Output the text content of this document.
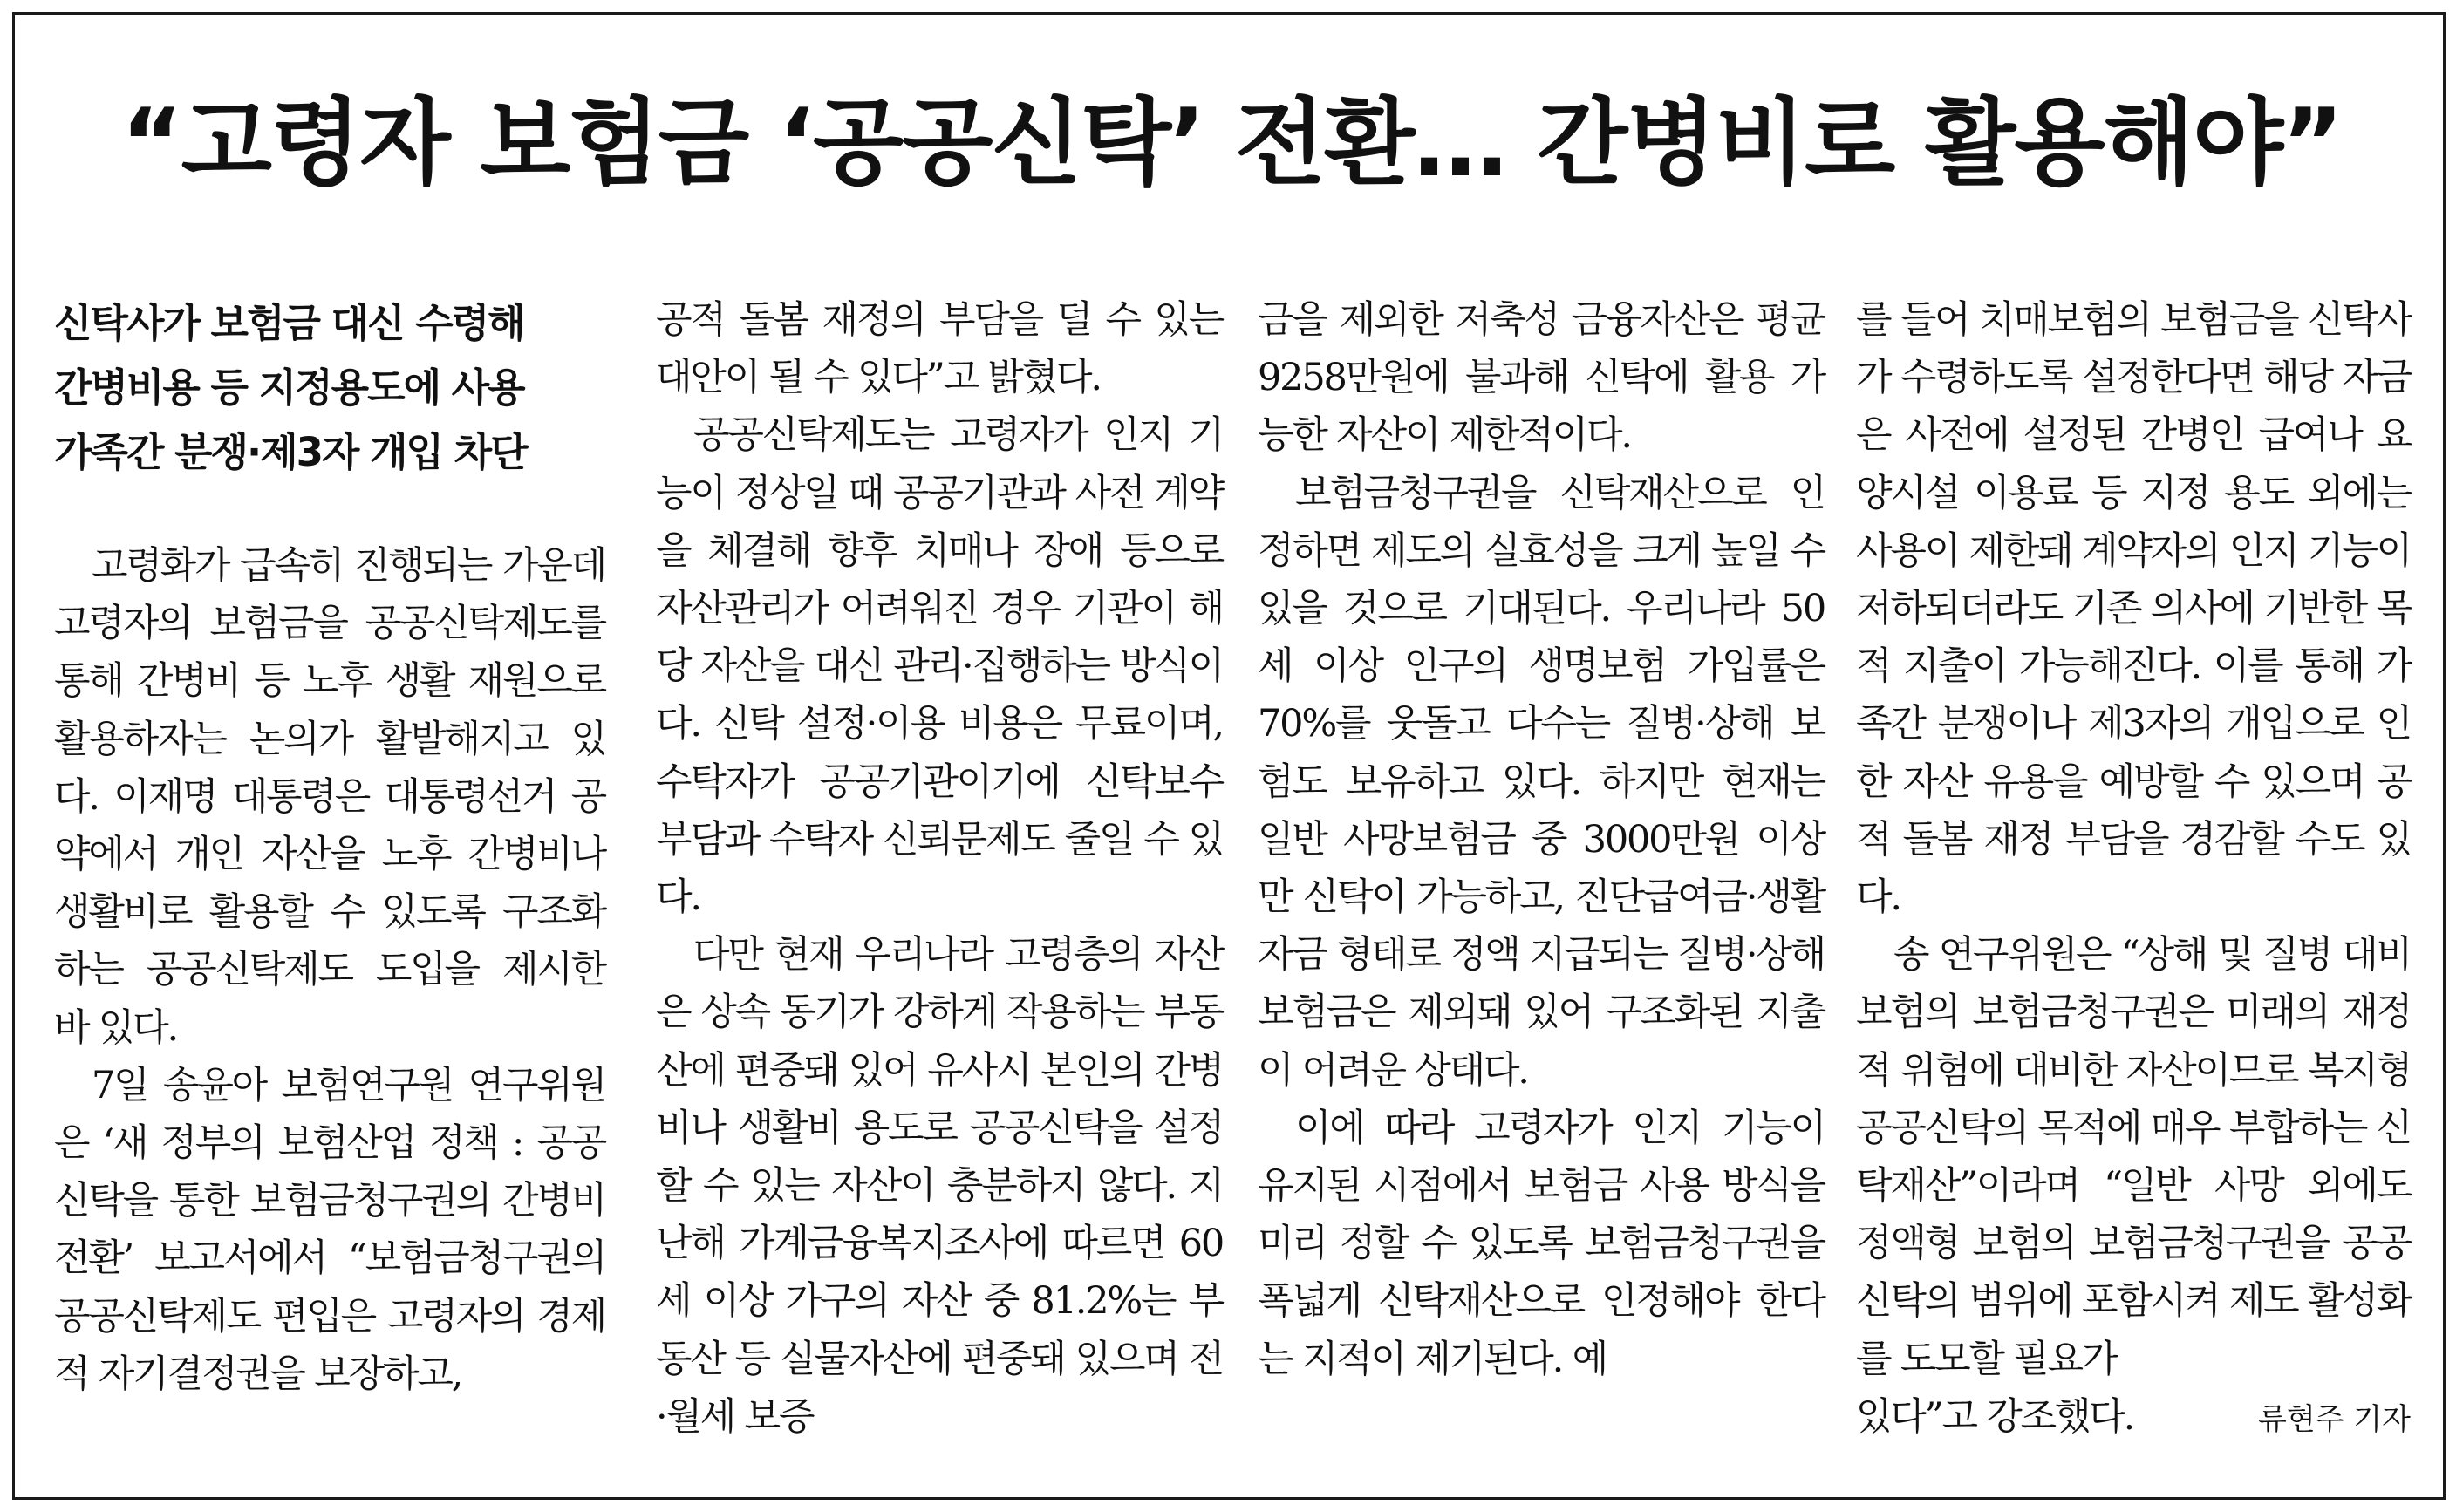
“고령자 보험금 ‘공공신탁’ 전환… 간병비로 활용해야”
신탁사가 보험금 대신 수령해
간병비용 등 지정용도에 사용
가족간 분쟁·제3자 개입 차단

고령화가 급속히 진행되는 가운데 고령자의 보험금을 공공신탁제도를 통해 간병비 등 노후 생활 재원으로 활용하자는 논의가 활발해지고 있다. 이재명 대통령은 대통령선거 공약에서 개인 자산을 노후 간병비나 생활비로 활용할 수 있도록 구조화하는 공공신탁제도 도입을 제시한 바 있다.

7일 송윤아 보험연구원 연구위원은 ‘새 정부의 보험산업 정책 : 공공신탁을 통한 보험금청구권의 간병비 전환’ 보고서에서 “보험금청구권의 공공신탁제도 편입은 고령자의 경제적 자기결정권을 보장하고,

공적 돌봄 재정의 부담을 덜 수 있는 대안이 될 수 있다”고 밝혔다.

공공신탁제도는 고령자가 인지 기능이 정상일 때 공공기관과 사전 계약을 체결해 향후 치매나 장애 등으로 자산관리가 어려워진 경우 기관이 해당 자산을 대신 관리·집행하는 방식이다. 신탁 설정·이용 비용은 무료이며, 수탁자가 공공기관이기에 신탁보수 부담과 수탁자 신뢰문제도 줄일 수 있다.

다만 현재 우리나라 고령층의 자산은 상속 동기가 강하게 작용하는 부동산에 편중돼 있어 유사시 본인의 간병비나 생활비 용도로 공공신탁을 설정할 수 있는 자산이 충분하지 않다. 지난해 가계금융복지조사에 따르면 60세 이상 가구의 자산 중 81.2%는 부동산 등 실물자산에 편중돼 있으며 전·월세 보증

금을 제외한 저축성 금융자산은 평균 9258만원에 불과해 신탁에 활용 가능한 자산이 제한적이다.

보험금청구권을 신탁재산으로 인정하면 제도의 실효성을 크게 높일 수 있을 것으로 기대된다. 우리나라 50세 이상 인구의 생명보험 가입률은 70%를 웃돌고 다수는 질병·상해 보험도 보유하고 있다. 하지만 현재는 일반 사망보험금 중 3000만원 이상만 신탁이 가능하고, 진단급여금·생활자금 형태로 정액 지급되는 질병·상해 보험금은 제외돼 있어 구조화된 지출이 어려운 상태다.

이에 따라 고령자가 인지 기능이 유지된 시점에서 보험금 사용 방식을 미리 정할 수 있도록 보험금청구권을 폭넓게 신탁재산으로 인정해야 한다는 지적이 제기된다. 예

를 들어 치매보험의 보험금을 신탁사가 수령하도록 설정한다면 해당 자금은 사전에 설정된 간병인 급여나 요양시설 이용료 등 지정 용도 외에는 사용이 제한돼 계약자의 인지 기능이 저하되더라도 기존 의사에 기반한 목적 지출이 가능해진다. 이를 통해 가족간 분쟁이나 제3자의 개입으로 인한 자산 유용을 예방할 수 있으며 공적 돌봄 재정 부담을 경감할 수도 있다.

송 연구위원은 “상해 및 질병 대비 보험의 보험금청구권은 미래의 재정적 위험에 대비한 자산이므로 복지형 공공신탁의 목적에 매우 부합하는 신탁재산”이라며 “일반 사망 외에도 정액형 보험의 보험금청구권을 공공신탁의 범위에 포함시켜 제도 활성화를 도모할 필요가

있다”고 강조했다.	류현주 기자
